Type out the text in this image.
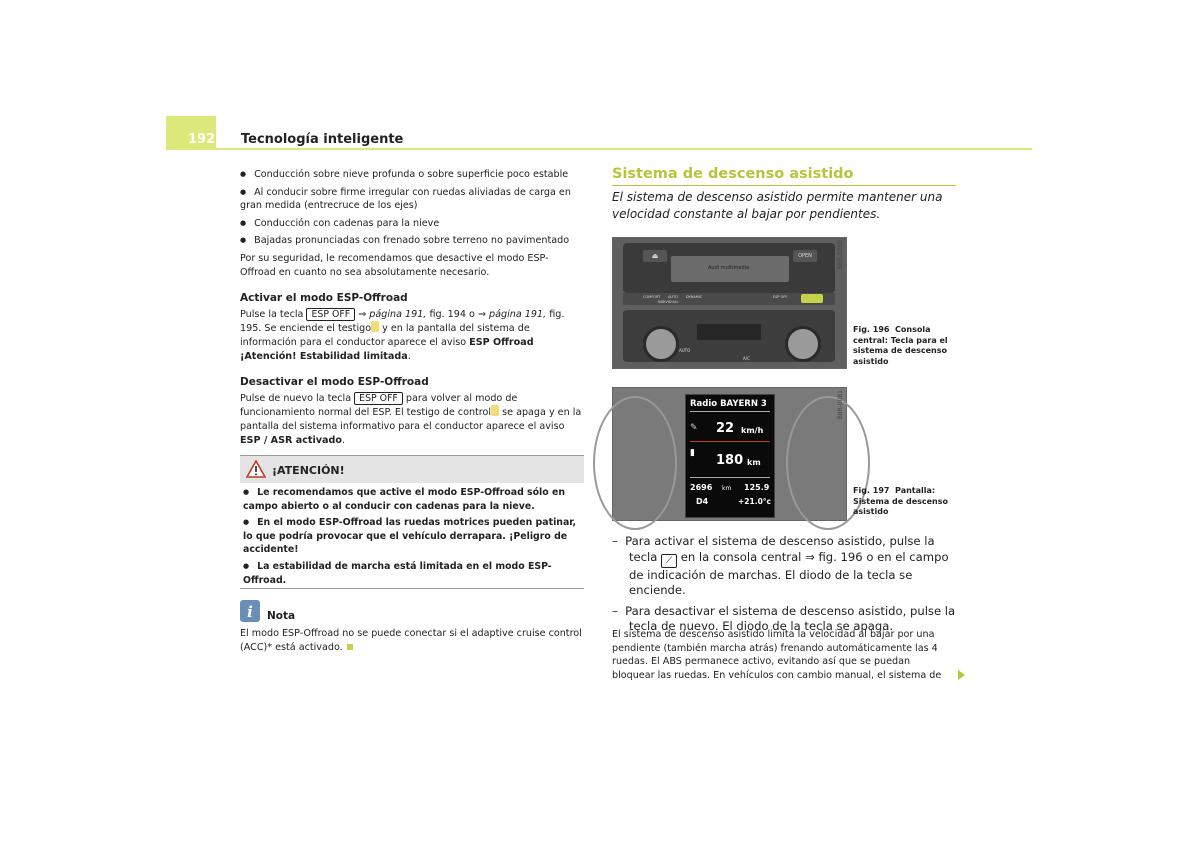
192 Tecnología inteligente

● Conducción sobre nieve profunda o sobre superficie poco estable

● Al conducir sobre firme irregular con ruedas aliviadas de carga en gran medida (entrecruce de los ejes)

● Conducción con cadenas para la nieve

● Bajadas pronunciadas con frenado sobre terreno no pavimentado

Por su seguridad, le recomendamos que desactive el modo ESP-Offroad en cuanto no sea absolutamente necesario.

Activar el modo ESP-Offroad

Pulse la tecla ESP OFF ⇒ página 191, fig. 194 o ⇒ página 191, fig. 195. Se enciende el testigo y en la pantalla del sistema de información para el conductor aparece el aviso ESP Offroad ¡Atención! Estabilidad limitada.

Desactivar el modo ESP-Offroad

Pulse de nuevo la tecla ESP OFF para volver al modo de funcionamiento normal del ESP. El testigo de control se apaga y en la pantalla del sistema informativo para el conductor aparece el aviso ESP / ASR activado.

¡ATENCIÓN!

● Le recomendamos que active el modo ESP-Offroad sólo en campo abierto o al conducir con cadenas para la nieve.

● En el modo ESP-Offroad las ruedas motrices pueden patinar, lo que podría provocar que el vehículo derrapara. ¡Peligro de accidente!

● La estabilidad de marcha está limitada en el modo ESP-Offroad.

i	Nota
El modo ESP-Offroad no se puede conectar si el adaptive cruise control (ACC)* está activado.
Sistema de descenso asistido
El sistema de descenso asistido permite mantener una velocidad constante al bajar por pendientes.
⏏
Audi multimedia
OPEN
COMFORT AUTO DYNAMIC
INDIVIDUAL
ESP OFF
AUTO
A/C
B8R-0080
Fig. 196 Consola central: Tecla para el sistema de descenso asistido
Radio BAYERN 3
✎ 22 km/h
▮ 180 km
2696 km 125.9
D4	+21.0°c
B8R-0081
Fig. 197 Pantalla: Sistema de descenso asistido

–  Para activar el sistema de descenso asistido, pulse la tecla ⟋ en la consola central ⇒ fig. 196 o en el campo de indicación de marchas. El diodo de la tecla se enciende.

–  Para desactivar el sistema de descenso asistido, pulse la tecla de nuevo. El diodo de la tecla se apaga.

El sistema de descenso asistido limita la velocidad al bajar por una pendiente (también marcha atrás) frenando automáticamente las 4 ruedas. El ABS permanece activo, evitando así que se puedan bloquear las ruedas. En vehículos con cambio manual, el sistema de
